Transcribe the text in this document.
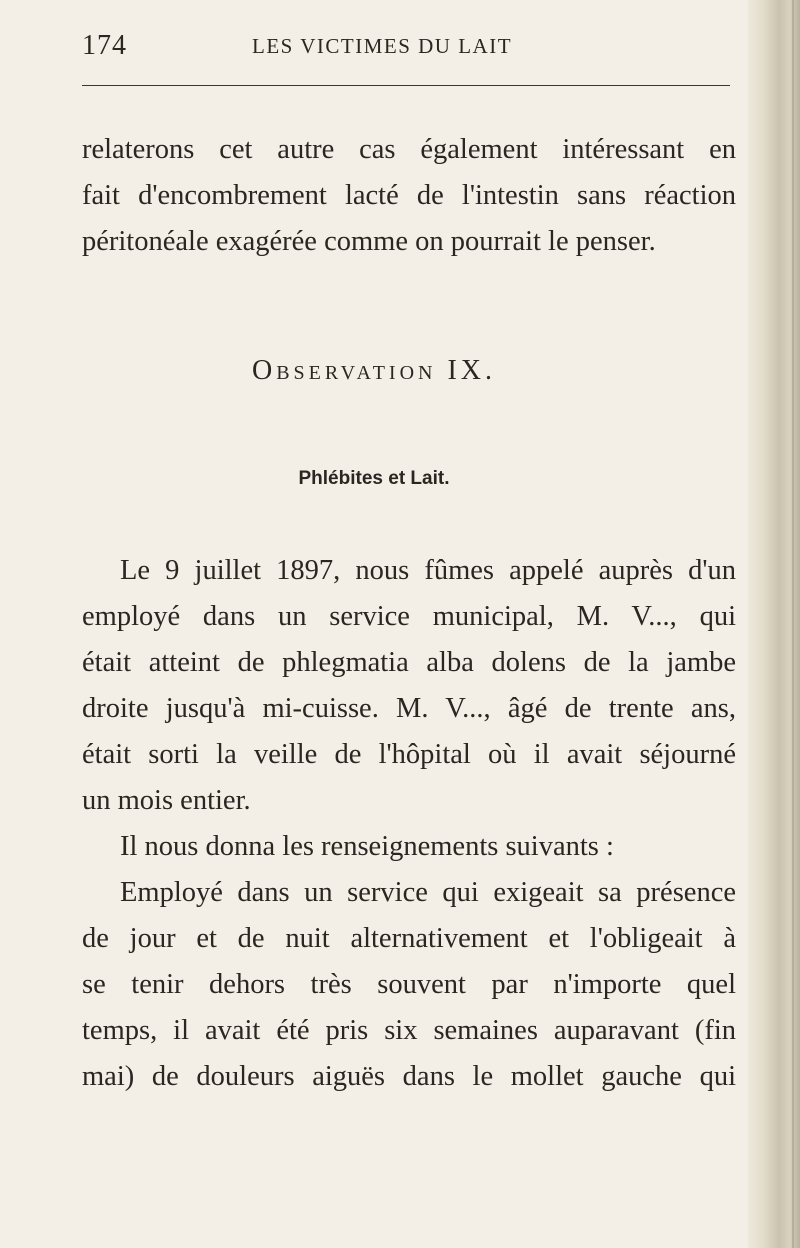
174	LES VICTIMES DU LAIT
relaterons cet autre cas également intéressant en
fait d'encombrement lacté de l'intestin sans réaction
péritonéale exagérée comme on pourrait le penser.
Observation IX.
Phlébites et Lait.
Le 9 juillet 1897, nous fûmes appelé auprès d'un
employé dans un service municipal, M. V..., qui
était atteint de phlegmatia alba dolens de la jambe
droite jusqu'à mi-cuisse. M. V..., âgé de trente ans,
était sorti la veille de l'hôpital où il avait séjourné
un mois entier.
Il nous donna les renseignements suivants :
Employé dans un service qui exigeait sa présence
de jour et de nuit alternativement et l'obligeait à
se tenir dehors très souvent par n'importe quel
temps, il avait été pris six semaines auparavant (fin
mai) de douleurs aiguës dans le mollet gauche qui
